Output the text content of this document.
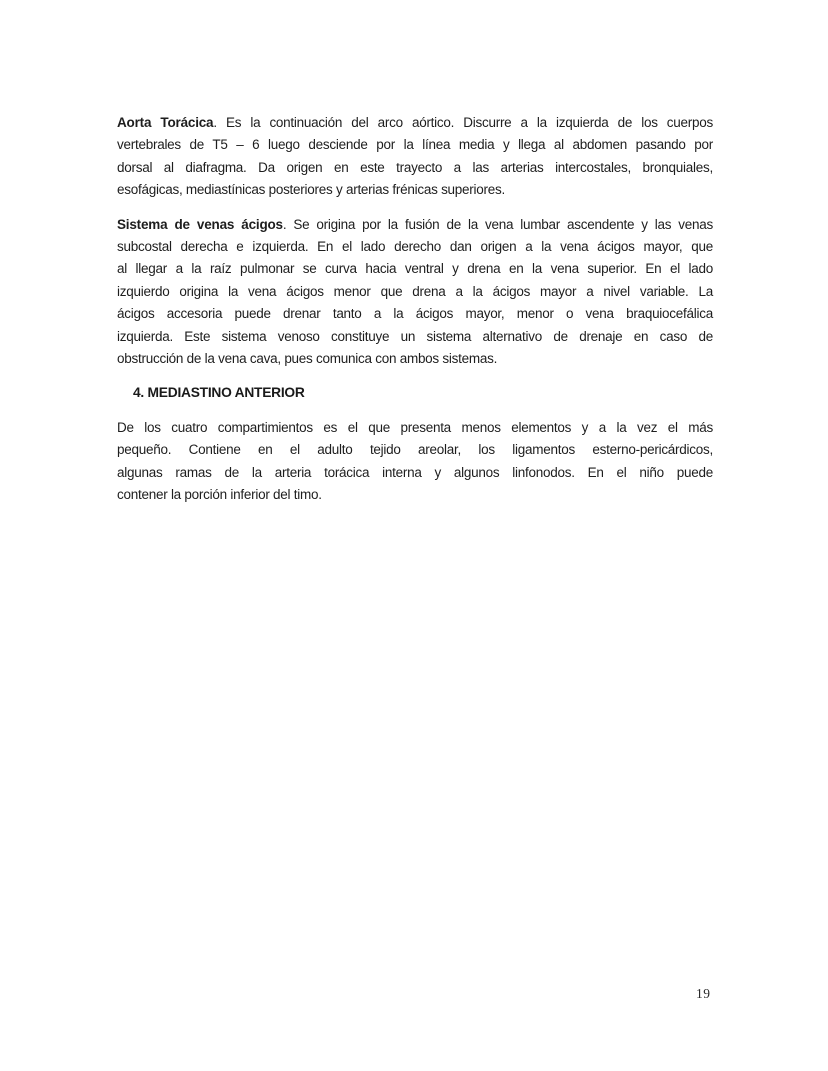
Aorta Torácica. Es la continuación del arco aórtico. Discurre a la izquierda de los cuerpos
vertebrales de T5 – 6 luego desciende por la línea media y llega al abdomen pasando por
dorsal al diafragma. Da origen en este trayecto a las arterias intercostales, bronquiales,
esofágicas, mediastínicas posteriores y arterias frénicas superiores.
Sistema de venas ácigos. Se origina por la fusión de la vena lumbar ascendente y las venas
subcostal derecha e izquierda. En el lado derecho dan origen a la vena ácigos mayor, que
al llegar a la raíz pulmonar se curva hacia ventral y drena en la vena superior. En el lado
izquierdo origina la vena ácigos menor que drena a la ácigos mayor a nivel variable. La
ácigos accesoria puede drenar tanto a la ácigos mayor, menor o vena braquiocefálica
izquierda. Este sistema venoso constituye un sistema alternativo de drenaje en caso de
obstrucción de la vena cava, pues comunica con ambos sistemas.
4. MEDIASTINO ANTERIOR
De los cuatro compartimientos es el que presenta menos elementos y a la vez el más
pequeño. Contiene en el adulto tejido areolar, los ligamentos esterno-pericárdicos,
algunas ramas de la arteria torácica interna y algunos linfonodos. En el niño puede
contener la porción inferior del timo.
19
